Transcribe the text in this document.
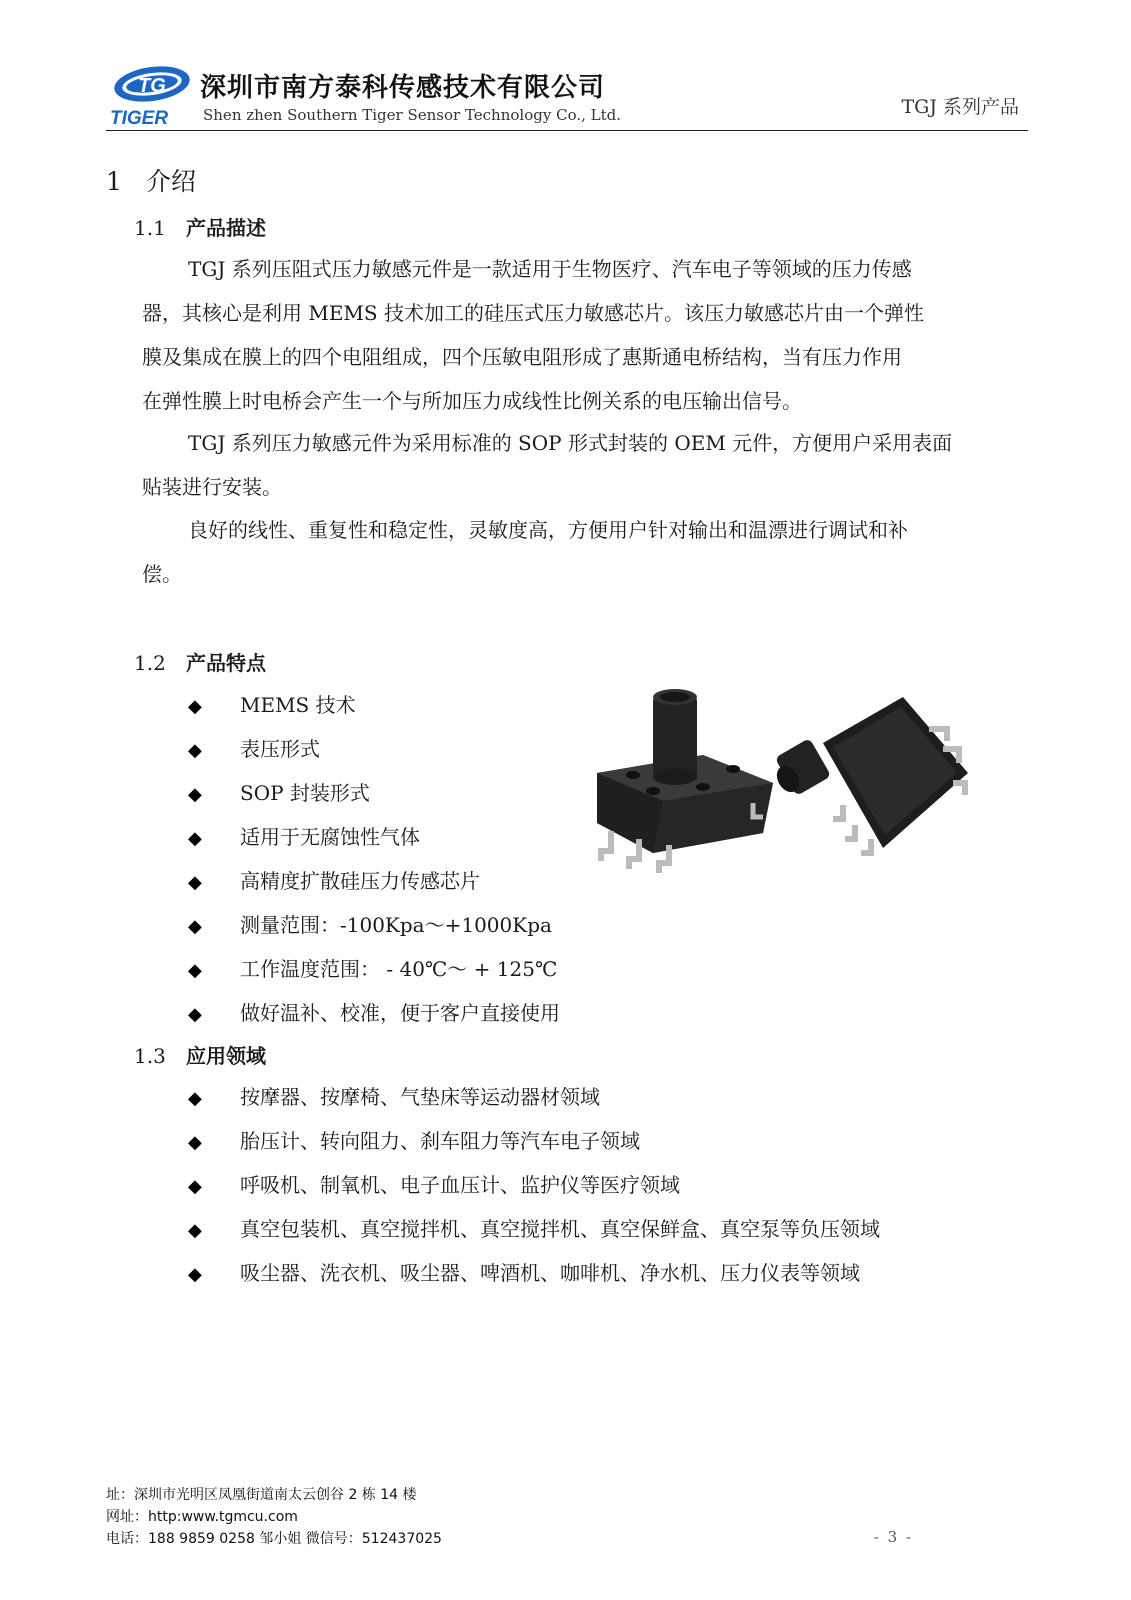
TG
TIGER
深圳市南方泰科传感技术有限公司
Shen zhen Southern Tiger Sensor Technology Co., Ltd.	TGJ 系列产品
1 介绍
1.1 产品描述
TGJ 系列压阻式压力敏感元件是一款适用于生物医疗、汽车电子等领域的压力传感
器，其核心是利用 MEMS 技术加工的硅压式压力敏感芯片。该压力敏感芯片由一个弹性
膜及集成在膜上的四个电阻组成，四个压敏电阻形成了惠斯通电桥结构，当有压力作用
在弹性膜上时电桥会产生一个与所加压力成线性比例关系的电压输出信号。
TGJ 系列压力敏感元件为采用标准的 SOP 形式封装的 OEM 元件，方便用户采用表面
贴装进行安装。
良好的线性、重复性和稳定性，灵敏度高，方便用户针对输出和温漂进行调试和补
偿。
1.2 产品特点
◆ MEMS 技术
◆ 表压形式
◆ SOP 封装形式
◆ 适用于无腐蚀性气体
◆ 高精度扩散硅压力传感芯片
◆ 测量范围：-100Kpa～+1000Kpa
◆ 工作温度范围： - 40℃～ + 125℃
◆ 做好温补、校准，便于客户直接使用
1.3 应用领域
◆ 按摩器、按摩椅、气垫床等运动器材领域
◆ 胎压计、转向阻力、刹车阻力等汽车电子领域
◆ 呼吸机、制氧机、电子血压计、监护仪等医疗领域
◆ 真空包装机、真空搅拌机、真空搅拌机、真空保鲜盒、真空泵等负压领域
◆ 吸尘器、洗衣机、吸尘器、啤酒机、咖啡机、净水机、压力仪表等领域
址：深圳市光明区凤凰街道南太云创谷 2 栋 14 楼
网址：http:www.tgmcu.com
电话：188 9859 0258 邹小姐 微信号：512437025	- 3 -
